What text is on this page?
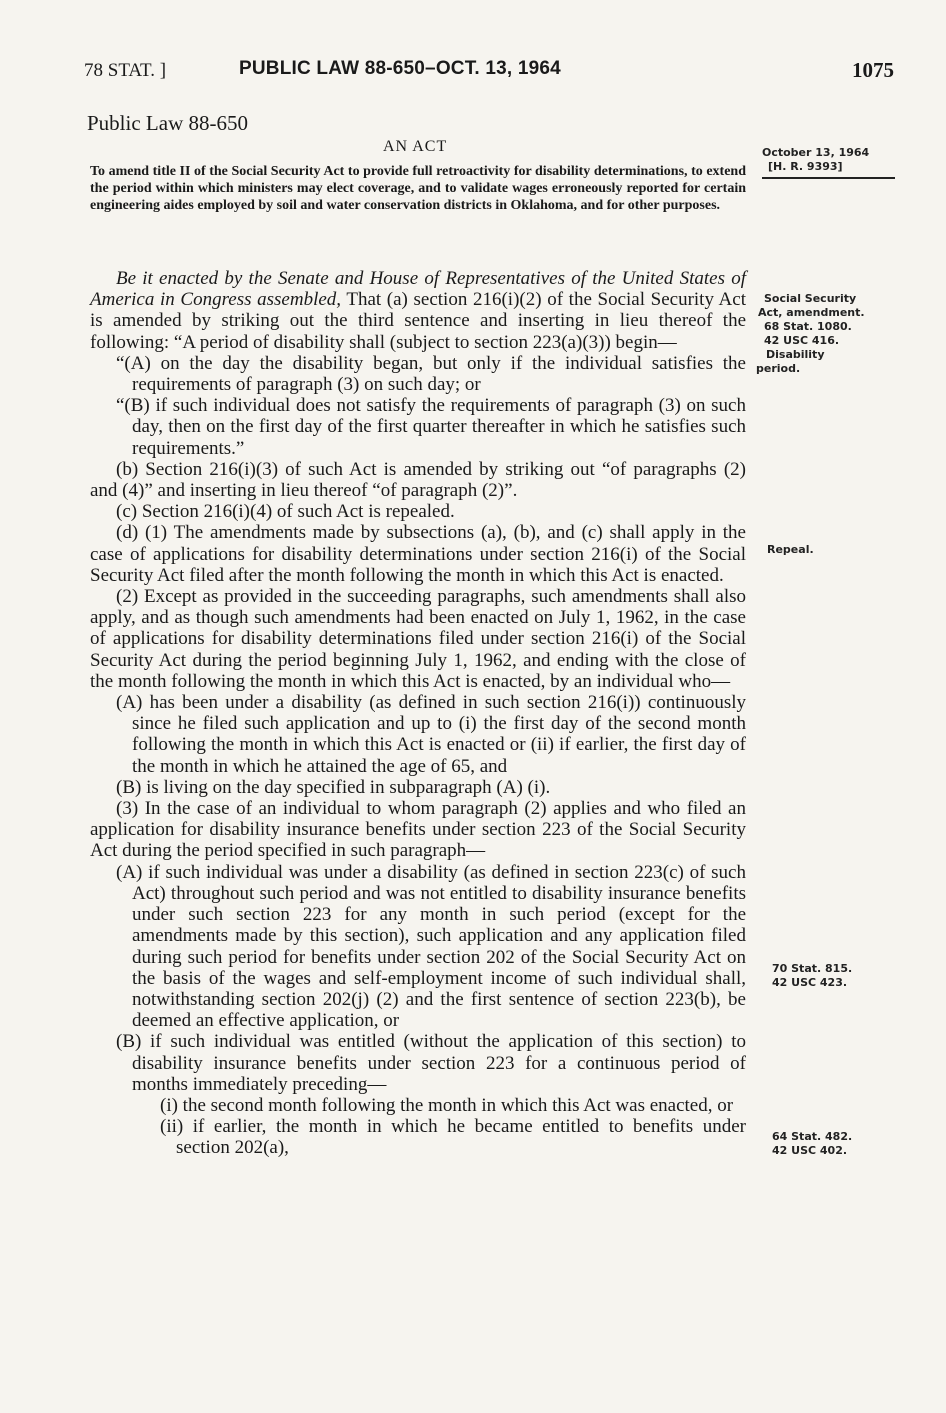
78 STAT. ]	PUBLIC LAW 88-650–OCT. 13, 1964	1075
Public Law 88-650
AN ACT
To amend title II of the Social Security Act to provide full retroactivity for disability determinations, to extend the period within which ministers may elect coverage, and to validate wages erroneously reported for certain engineering aides employed by soil and water conservation districts in Oklahoma, and for other purposes.
October 13, 1964
[H. R. 9393]
Social Security
Act, amendment.
68 Stat. 1080.
42 USC 416.
Disability
period.
Repeal.
70 Stat. 815.
42 USC 423.
64 Stat. 482.
42 USC 402.

Be it enacted by the Senate and House of Representatives of the United States of America in Congress assembled, That (a) section 216(i)(2) of the Social Security Act is amended by striking out the third sentence and inserting in lieu thereof the following: “A period of disability shall (subject to section 223(a)(3)) begin—

“(A) on the day the disability began, but only if the individual satisfies the requirements of paragraph (3) on such day; or

“(B) if such individual does not satisfy the requirements of paragraph (3) on such day, then on the first day of the first quarter thereafter in which he satisfies such requirements.”

(b) Section 216(i)(3) of such Act is amended by striking out “of paragraphs (2) and (4)” and inserting in lieu thereof “of paragraph (2)”.

(c) Section 216(i)(4) of such Act is repealed.

(d) (1) The amendments made by subsections (a), (b), and (c) shall apply in the case of applications for disability determinations under section 216(i) of the Social Security Act filed after the month following the month in which this Act is enacted.

(2) Except as provided in the succeeding paragraphs, such amendments shall also apply, and as though such amendments had been enacted on July 1, 1962, in the case of applications for disability determinations filed under section 216(i) of the Social Security Act during the period beginning July 1, 1962, and ending with the close of the month following the month in which this Act is enacted, by an individual who—

(A) has been under a disability (as defined in such section 216(i)) continuously since he filed such application and up to (i) the first day of the second month following the month in which this Act is enacted or (ii) if earlier, the first day of the month in which he attained the age of 65, and

(B) is living on the day specified in subparagraph (A) (i).

(3) In the case of an individual to whom paragraph (2) applies and who filed an application for disability insurance benefits under section 223 of the Social Security Act during the period specified in such paragraph—

(A) if such individual was under a disability (as defined in section 223(c) of such Act) throughout such period and was not entitled to disability insurance benefits under such section 223 for any month in such period (except for the amendments made by this section), such application and any application filed during such period for benefits under section 202 of the Social Security Act on the basis of the wages and self-employment income of such individual shall, notwithstanding section 202(j) (2) and the first sentence of section 223(b), be deemed an effective application, or

(B) if such individual was entitled (without the application of this section) to disability insurance benefits under section 223 for a continuous period of months immediately preceding—

(i) the second month following the month in which this Act was enacted, or

(ii) if earlier, the month in which he became entitled to benefits under section 202(a),
